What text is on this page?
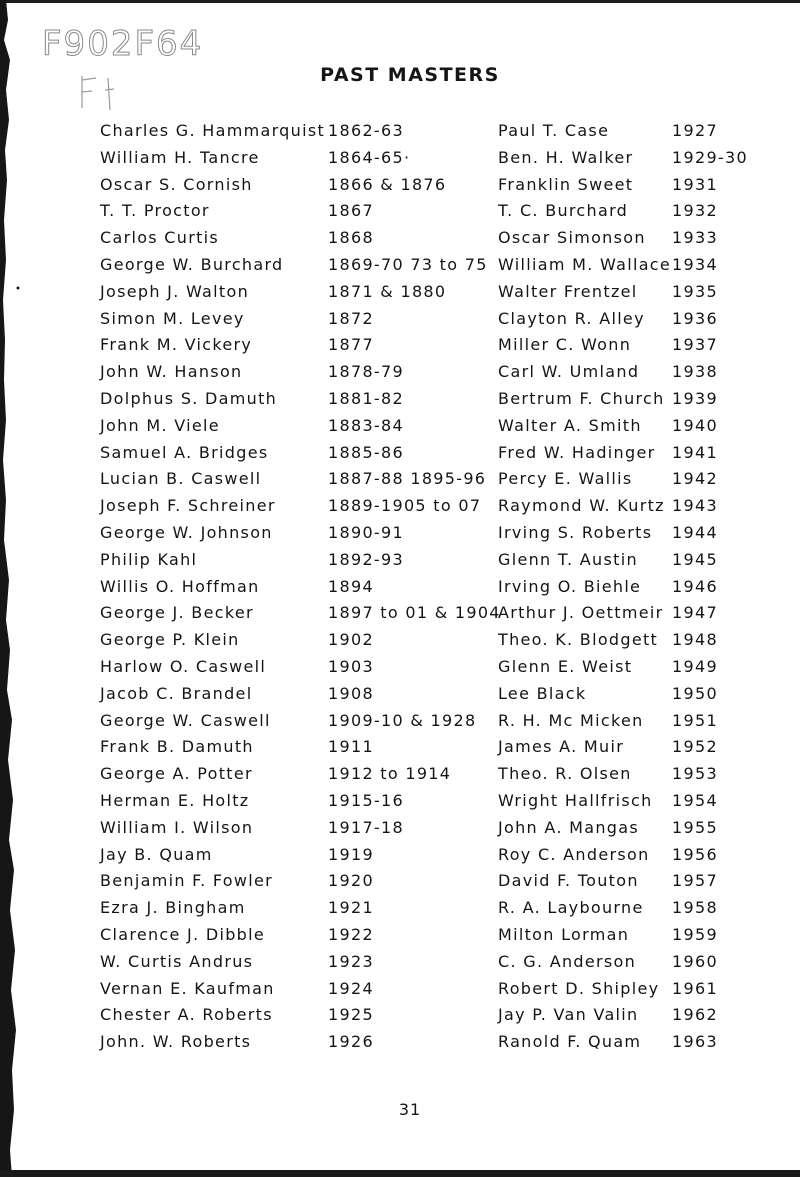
F902F64
PAST MASTERS
Charles G. Hammarquist 1862-63
William H. Tancre	1864-65·
Oscar S. Cornish	1866 & 1876
T. T. Proctor	1867
Carlos Curtis	1868
George W. Burchard	1869-70 73 to 75
Joseph J. Walton	1871 & 1880
Simon M. Levey	1872
Frank M. Vickery	1877
John W. Hanson	1878-79
Dolphus S. Damuth	1881-82
John M. Viele	1883-84
Samuel A. Bridges	1885-86
Lucian B. Caswell	1887-88 1895-96
Joseph F. Schreiner	1889-1905 to 07
George W. Johnson	1890-91
Philip Kahl	1892-93
Willis O. Hoffman	1894
George J. Becker	1897 to 01 & 1904
George P. Klein	1902
Harlow O. Caswell	1903
Jacob C. Brandel	1908
George W. Caswell	1909-10 & 1928
Frank B. Damuth	1911
George A. Potter	1912 to 1914
Herman E. Holtz	1915-16
William I. Wilson	1917-18
Jay B. Quam	1919
Benjamin F. Fowler	1920
Ezra J. Bingham	1921
Clarence J. Dibble	1922
W. Curtis Andrus	1923
Vernan E. Kaufman	1924
Chester A. Roberts	1925
John. W. Roberts	1926
Paul T. Case	1927
Ben. H. Walker 1929-30
Franklin Sweet 1931
T. C. Burchard	1932
Oscar Simonson 1933
William M. Wallace 1934
Walter Frentzel 1935
Clayton R. Alley 1936
Miller C. Wonn	1937
Carl W. Umland 1938
Bertrum F. Church 1939
Walter A. Smith 1940
Fred W. Hadinger 1941
Percy E. Wallis 1942
Raymond W. Kurtz 1943
Irving S. Roberts 1944
Glenn T. Austin 1945
Irving O. Biehle 1946
Arthur J. Oettmeir 1947
Theo. K. Blodgett 1948
Glenn E. Weist 1949
Lee Black	1950
R. H. Mc Micken 1951
James A. Muir	1952
Theo. R. Olsen	1953
Wright Hallfrisch 1954
John A. Mangas 1955
Roy C. Anderson 1956
David F. Touton 1957
R. A. Laybourne 1958
Milton Lorman	1959
C. G. Anderson 1960
Robert D. Shipley 1961
Jay P. Van Valin 1962
Ranold F. Quam 1963
31
